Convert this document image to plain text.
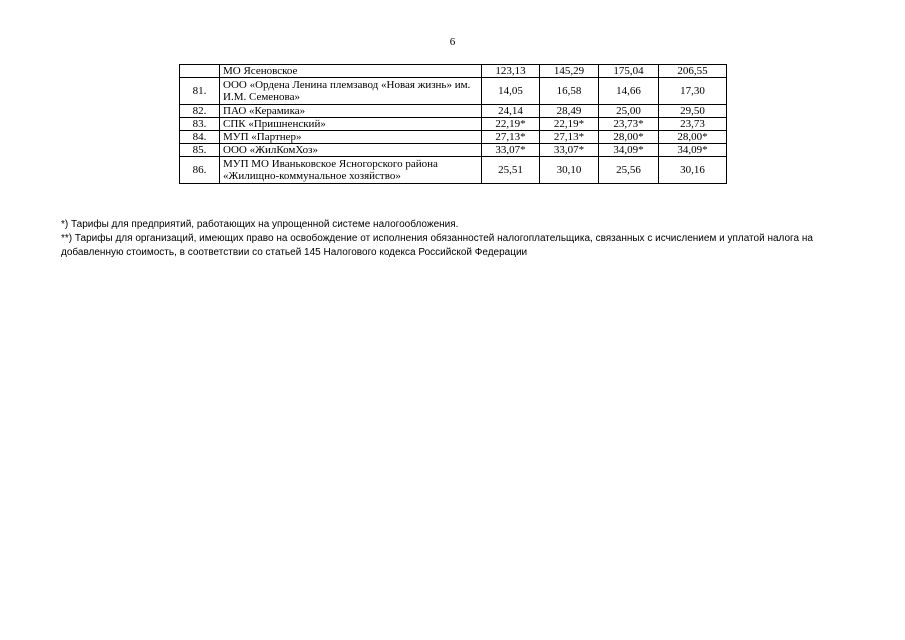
6
	МО Ясеновское	123,13	145,29	175,04	206,55
81.	ООО «Ордена Ленина племзавод «Новая жизнь» им. И.М. Семенова»	14,05	16,58	14,66	17,30
82.	ПАО «Керамика»	24,14	28,49	25,00	29,50
83.	СПК «Пришненский»	22,19*	22,19*	23,73*	23,73
84.	МУП «Партнер»	27,13*	27,13*	28,00*	28,00*
85.	ООО «ЖилКомХоз»	33,07*	33,07*	34,09*	34,09*
86.	МУП МО Иваньковское Ясногорского района «Жилищно-коммунальное хозяйство»	25,51	30,10	25,56	30,16

*) Тарифы для предприятий, работающих на упрощенной системе налогообложения.

**) Тарифы для организаций, имеющих право на освобождение от исполнения обязанностей налогоплательщика, связанных с исчислением и уплатой налога на добавленную стоимость, в соответствии со статьей 145 Налогового кодекса Российской Федерации
